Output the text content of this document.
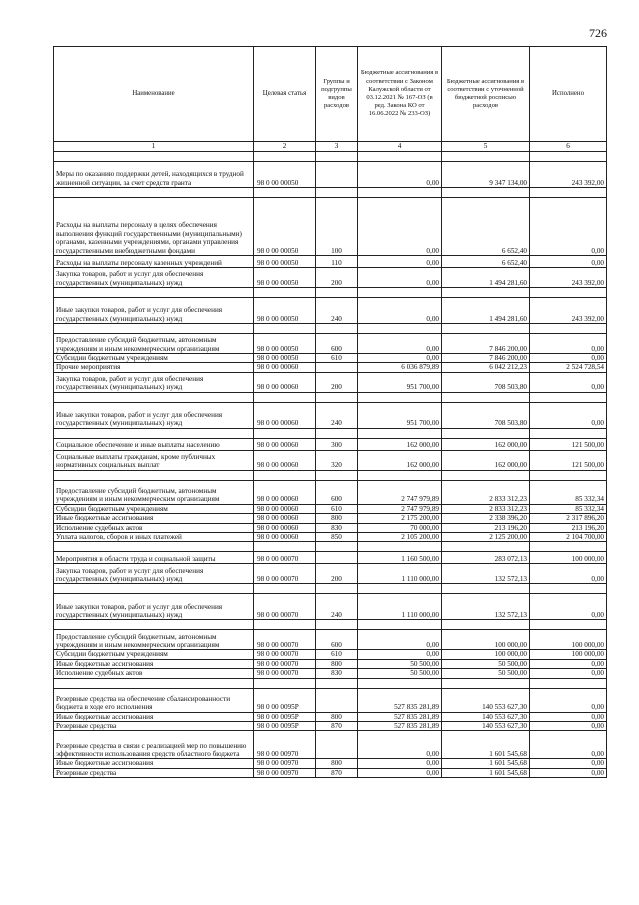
726
Наименование	Целевая статья	Группы и подгруппы видов расходов	Бюджетные ассигнования в соответствии с Законом Калужской области от 03.12.2021 № 167-ОЗ (в ред. Закона КО от 16.06.2022 № 233-ОЗ)	Бюджетные ассигнования в соответствии с уточненной бюджетной росписью расходов	Исполнено
1	2	3	4	5	6

Меры по оказанию поддержки детей, находящихся в трудной жизненной ситуации, за счет средств гранта	98 0 00 00050		0,00	9 347 134,00	243 392,00

Расходы на выплаты персоналу в целях обеспечения выполнения функций государственными (муниципальными) органами, казенными учреждениями, органами управления государственными внебюджетными фондами	98 0 00 00050	100	0,00	6 652,40	0,00
Расходы на выплаты персоналу казенных учреждений	98 0 00 00050	110	0,00	6 652,40	0,00
Закупка товаров, работ и услуг для обеспечения государственных (муниципальных) нужд	98 0 00 00050	200	0,00	1 494 281,60	243 392,00

Иные закупки товаров, работ и услуг для обеспечения государственных (муниципальных) нужд	98 0 00 00050	240	0,00	1 494 281,60	243 392,00

Предоставление субсидий бюджетным, автономным учреждениям и иным некоммерческим организациям	98 0 00 00050	600	0,00	7 846 200,00	0,00
Субсидии бюджетным учреждениям	98 0 00 00050	610	0,00	7 846 200,00	0,00
Прочие мероприятия	98 0 00 00060		6 036 879,89	6 042 212,23	2 524 728,54
Закупка товаров, работ и услуг для обеспечения государственных (муниципальных) нужд	98 0 00 00060	200	951 700,00	708 503,80	0,00

Иные закупки товаров, работ и услуг для обеспечения государственных (муниципальных) нужд	98 0 00 00060	240	951 700,00	708 503,80	0,00

Социальное обеспечение и иные выплаты населению	98 0 00 00060	300	162 000,00	162 000,00	121 500,00
Социальные выплаты гражданам, кроме публичных нормативных социальных выплат	98 0 00 00060	320	162 000,00	162 000,00	121 500,00

Предоставление субсидий бюджетным, автономным учреждениям и иным некоммерческим организациям	98 0 00 00060	600	2 747 979,89	2 833 312,23	85 332,34
Субсидии бюджетным учреждениям	98 0 00 00060	610	2 747 979,89	2 833 312,23	85 332,34
Иные бюджетные ассигнования	98 0 00 00060	800	2 175 200,00	2 338 396,20	2 317 896,20
Исполнение судебных актов	98 0 00 00060	830	70 000,00	213 196,20	213 196,20
Уплата налогов, сборов и иных платежей	98 0 00 00060	850	2 105 200,00	2 125 200,00	2 104 700,00

Мероприятия в области труда и социальной защиты	98 0 00 00070		1 160 500,00	283 072,13	100 000,00
Закупка товаров, работ и услуг для обеспечения государственных (муниципальных) нужд	98 0 00 00070	200	1 110 000,00	132 572,13	0,00

Иные закупки товаров, работ и услуг для обеспечения государственных (муниципальных) нужд	98 0 00 00070	240	1 110 000,00	132 572,13	0,00

Предоставление субсидий бюджетным, автономным учреждениям и иным некоммерческим организациям	98 0 00 00070	600	0,00	100 000,00	100 000,00
Субсидии бюджетным учреждениям	98 0 00 00070	610	0,00	100 000,00	100 000,00
Иные бюджетные ассигнования	98 0 00 00070	800	50 500,00	50 500,00	0,00
Исполнение судебных актов	98 0 00 00070	830	50 500,00	50 500,00	0,00

Резервные средства на обеспечение сбалансированности бюджета в ходе его исполнения	98 0 00 0095Р		527 835 281,89	140 553 627,30	0,00
Иные бюджетные ассигнования	98 0 00 0095Р	800	527 835 281,89	140 553 627,30	0,00
Резервные средства	98 0 00 0095Р	870	527 835 281,89	140 553 627,30	0,00
Резервные средства в связи с реализацией мер по повышению эффективности использования средств областного бюджета	98 0 00 00970		0,00	1 601 545,68	0,00
Иные бюджетные ассигнования	98 0 00 00970	800	0,00	1 601 545,68	0,00
Резервные средства	98 0 00 00970	870	0,00	1 601 545,68	0,00
